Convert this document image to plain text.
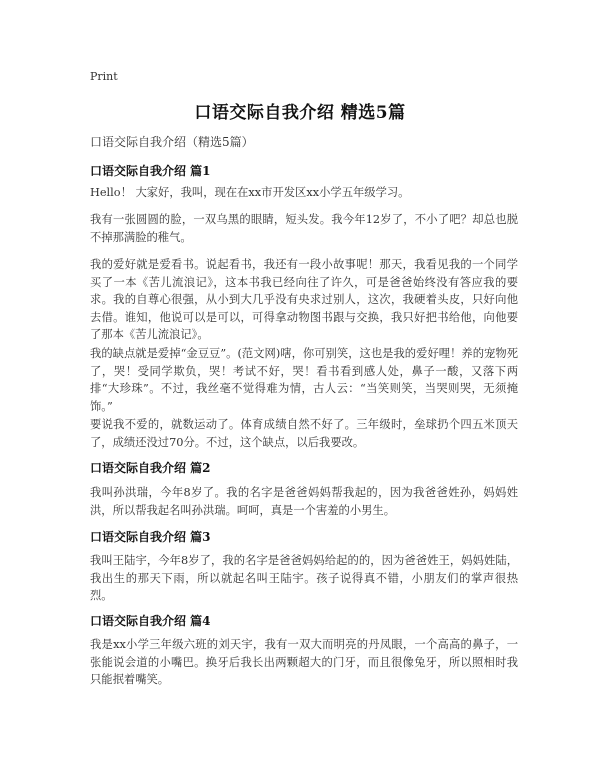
Print
口语交际自我介绍 精选5篇
口语交际自我介绍（精选5篇）
口语交际自我介绍 篇1

Hello！ 大家好，我叫，现在在xx市开发区xx小学五年级学习。

我有一张圆圆的脸，一双乌黑的眼睛，短头发。我今年12岁了，不小了吧？却总也脱不掉那满脸的稚气。

我的爱好就是爱看书。说起看书，我还有一段小故事呢！那天，我看见我的一个同学买了一本《苦儿流浪记》，这本书我已经向往了许久，可是爸爸始终没有答应我的要求。我的自尊心很强，从小到大几乎没有央求过别人，这次，我硬着头皮，只好向他去借。谁知，他说可以是可以，可得拿动物图书跟与交换，我只好把书给他，向他要了那本《苦儿流浪记》。

我的缺点就是爱掉“金豆豆”。(范文网)嗐，你可别笑，这也是我的爱好哩！养的宠物死了，哭！受同学欺负，哭！考试不好，哭！看书看到感人处，鼻子一酸，又落下两排“大珍珠”。不过，我丝毫不觉得难为情，古人云：“当笑则笑，当哭则哭，无须掩饰。”

要说我不爱的，就数运动了。体育成绩自然不好了。三年级时，垒球扔个四五米顶天了，成绩还没过70分。不过，这个缺点，以后我要改。

口语交际自我介绍 篇2

我叫孙洪瑞，今年8岁了。我的名字是爸爸妈妈帮我起的，因为我爸爸姓孙，妈妈姓洪，所以帮我起名叫孙洪瑞。呵呵，真是一个害羞的小男生。

口语交际自我介绍 篇3

我叫王陆宇，今年8岁了，我的名字是爸爸妈妈给起的的，因为爸爸姓王，妈妈姓陆，我出生的那天下雨，所以就起名叫王陆宇。孩子说得真不错，小朋友们的掌声很热烈。

口语交际自我介绍 篇4

我是xx小学三年级六班的刘天宇，我有一双大而明亮的丹凤眼，一个高高的鼻子，一张能说会道的小嘴巴。换牙后我长出两颗超大的门牙，而且很像兔牙，所以照相时我只能抿着嘴笑。
